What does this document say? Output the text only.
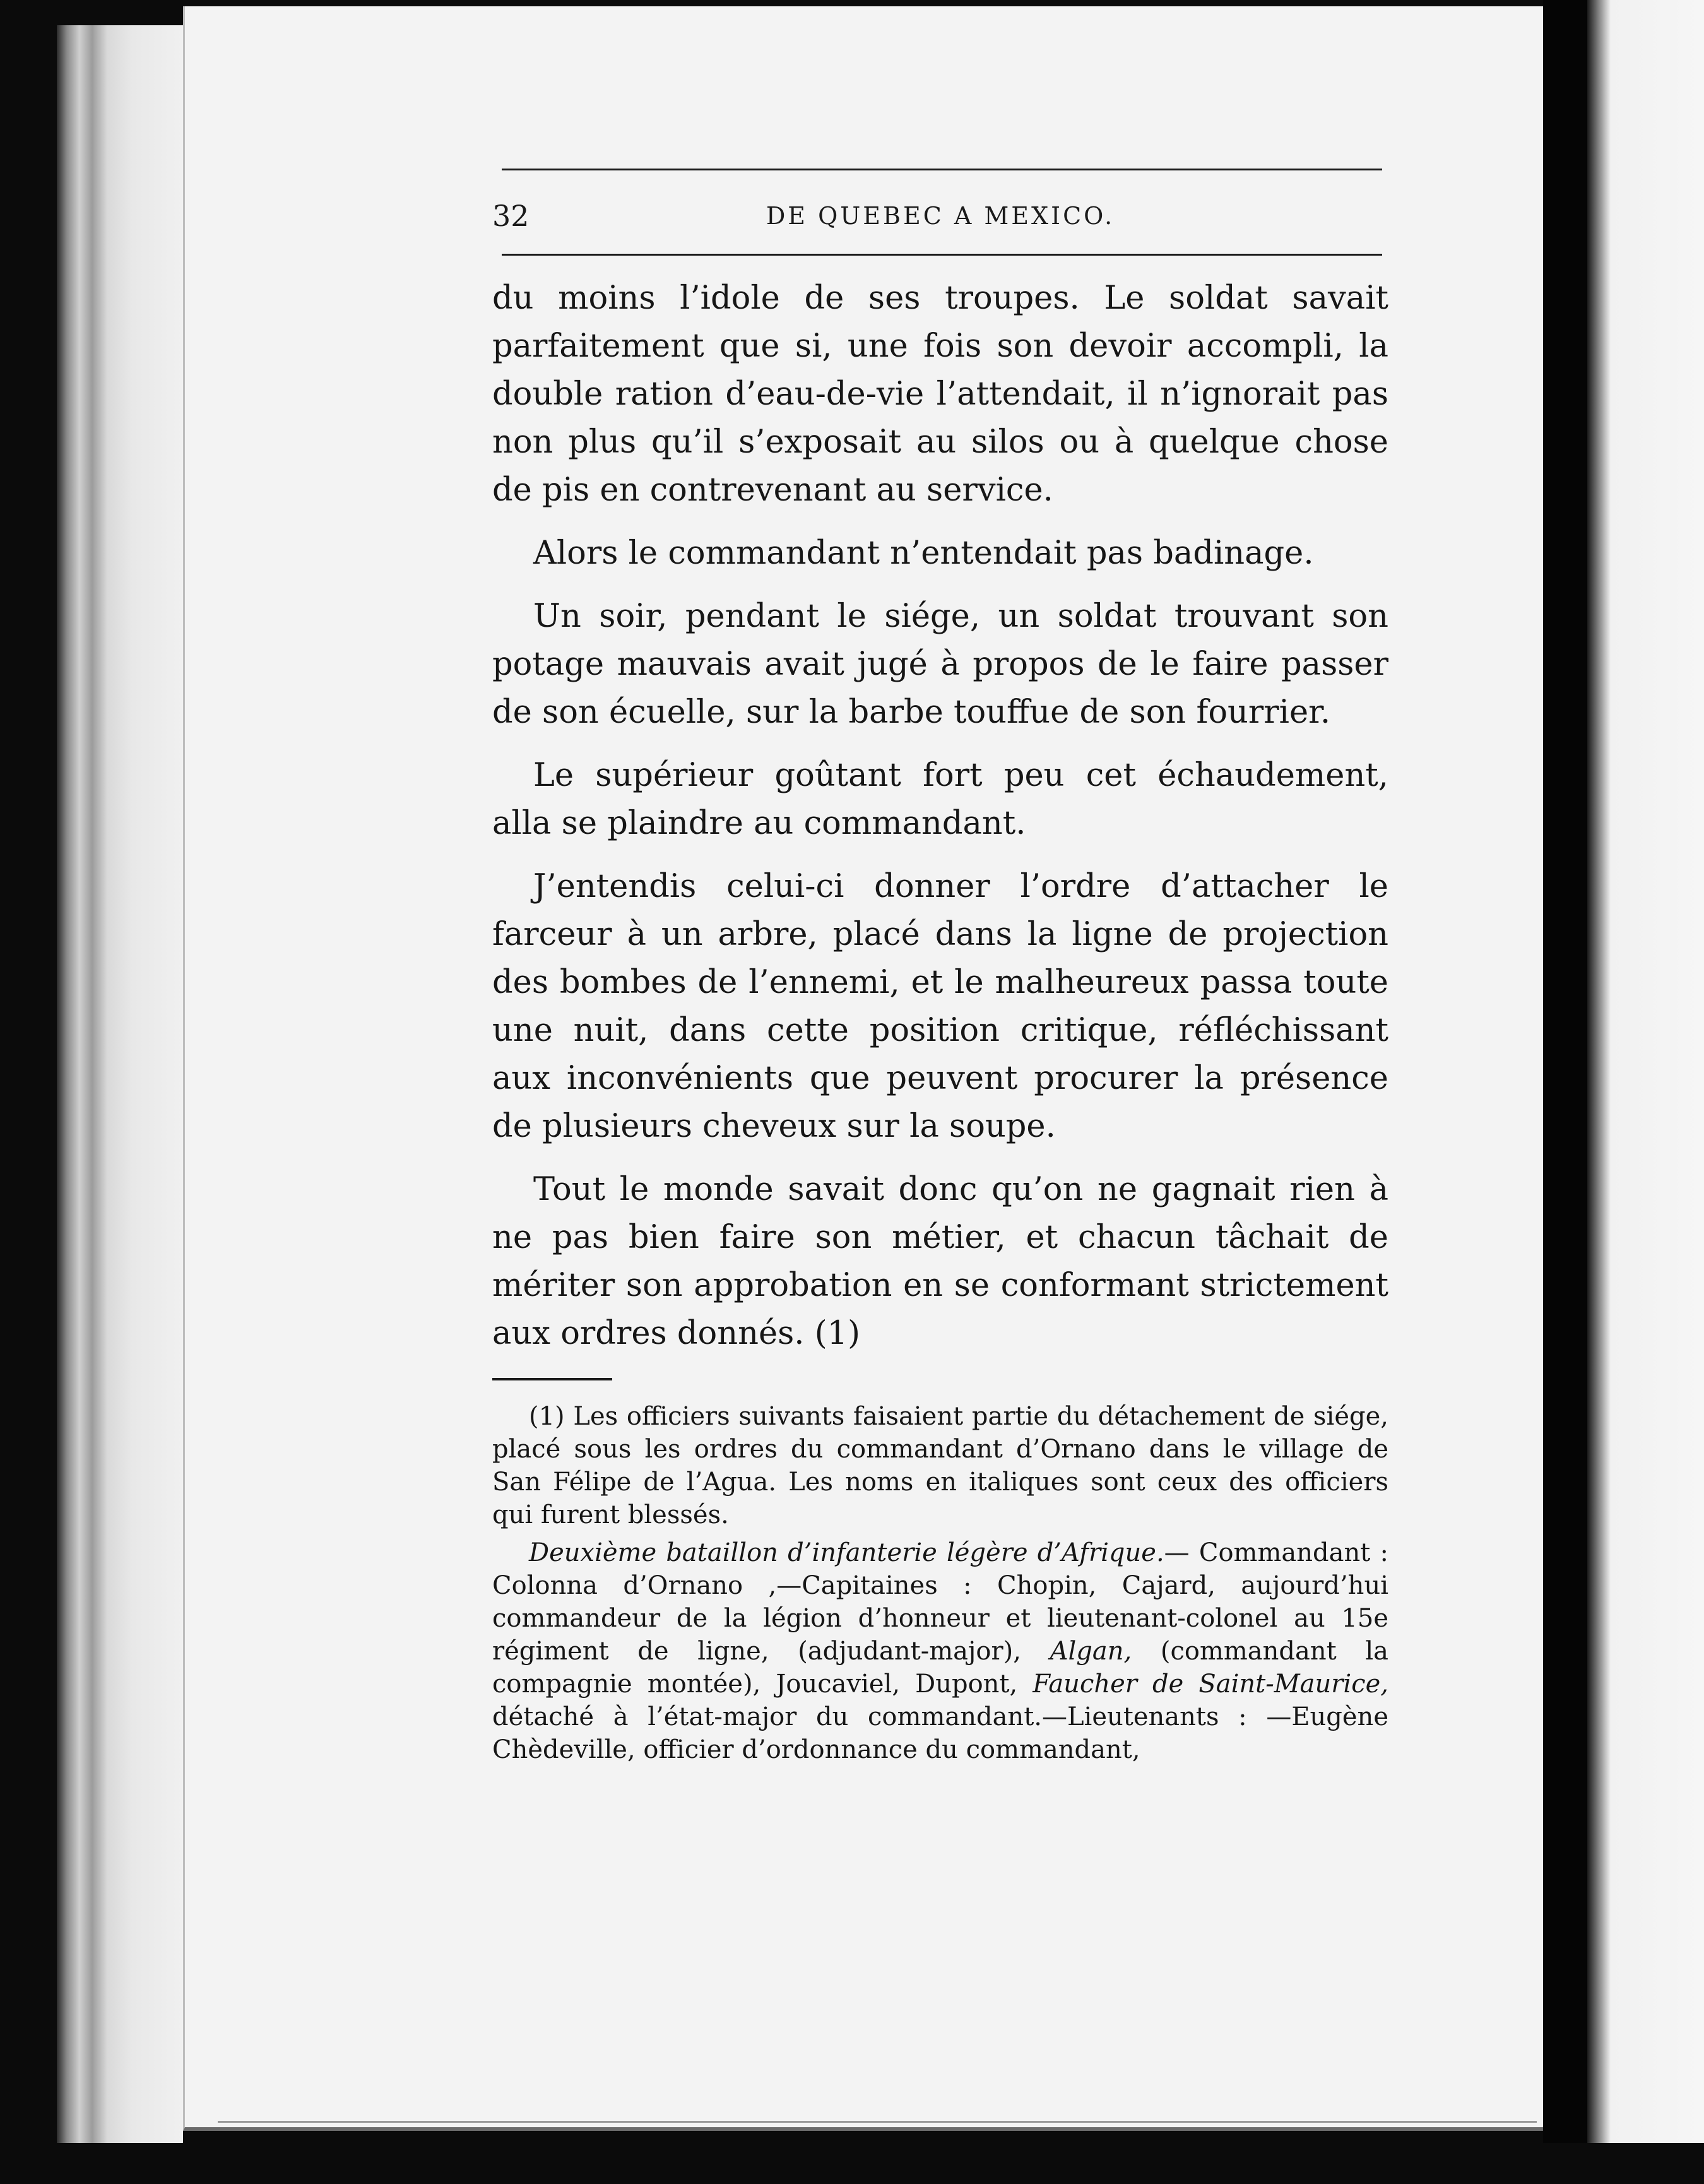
32	DE QUEBEC A MEXICO.

du moins l’idole de ses troupes. Le soldat savait parfaitement que si, une fois son devoir accompli, la double ration d’eau-de-vie l’attendait, il n’ignorait pas non plus qu’il s’exposait au silos ou à quelque chose de pis en contrevenant au service.

Alors le commandant n’entendait pas badinage.

Un soir, pendant le siége, un soldat trouvant son potage mauvais avait jugé à propos de le faire passer de son écuelle, sur la barbe touffue de son fourrier.

Le supérieur goûtant fort peu cet échaudement, alla se plaindre au commandant.

J’entendis celui-ci donner l’ordre d’attacher le farceur à un arbre, placé dans la ligne de projection des bombes de l’ennemi, et le malheureux passa toute une nuit, dans cette position critique, réfléchissant aux inconvénients que peuvent procurer la présence de plusieurs cheveux sur la soupe.

Tout le monde savait donc qu’on ne gagnait rien à ne pas bien faire son métier, et chacun tâchait de mériter son approbation en se conformant strictement aux ordres donnés. (1)

(1) Les officiers suivants faisaient partie du détachement de siége, placé sous les ordres du commandant d’Ornano dans le village de San Félipe de l’Agua. Les noms en italiques sont ceux des officiers qui furent blessés.

Deuxième bataillon d’infanterie légère d’Afrique.— Commandant : Colonna d’Ornano ,—Capitaines : Chopin, Cajard, aujourd’hui commandeur de la légion d’honneur et lieutenant-colonel au 15e régiment de ligne, (adjudant-major), Algan, (commandant la compagnie montée), Joucaviel, Dupont, Faucher de Saint-Maurice, détaché à l’état-major du commandant.—Lieutenants : —Eugène Chèdeville, officier d’ordonnance du commandant,
